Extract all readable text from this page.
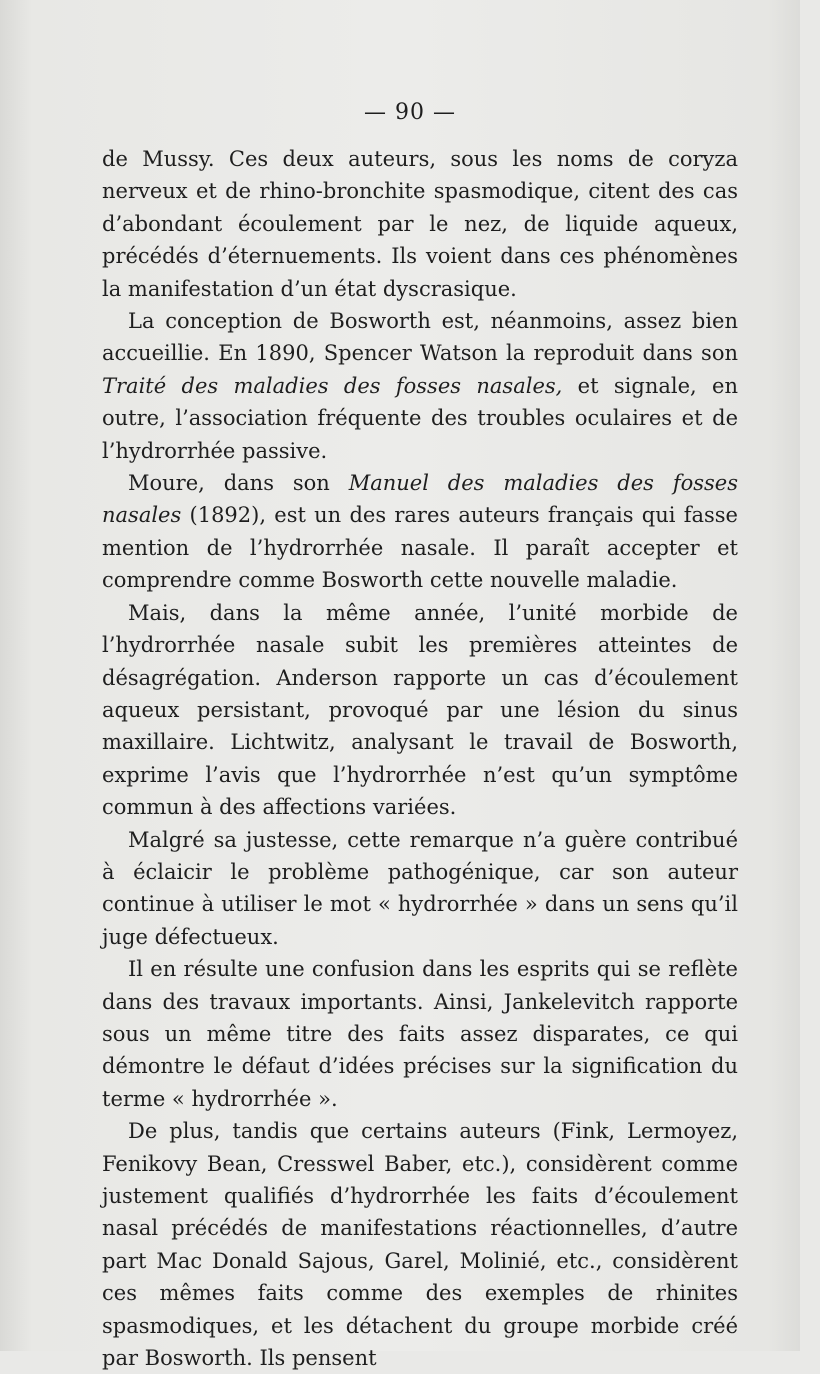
— 90 —

de Mussy. Ces deux auteurs, sous les noms de coryza nerveux et de rhino-bronchite spasmodique, citent des cas d’abondant écoulement par le nez, de liquide aqueux, précédés d’éternuements. Ils voient dans ces phénomènes la manifestation d’un état dyscrasique.

La conception de Bosworth est, néanmoins, assez bien accueillie. En 1890, Spencer Watson la reproduit dans son Traité des maladies des fosses nasales, et signale, en outre, l’association fréquente des troubles oculaires et de l’hydrorrhée passive.

Moure, dans son Manuel des maladies des fosses nasales (1892), est un des rares auteurs français qui fasse mention de l’hydrorrhée nasale. Il paraît accepter et comprendre comme Bosworth cette nouvelle maladie.

Mais, dans la même année, l’unité morbide de l’hydrorrhée nasale subit les premières atteintes de désagrégation. Anderson rapporte un cas d’écoulement aqueux persistant, provoqué par une lésion du sinus maxillaire. Lichtwitz, analysant le travail de Bosworth, exprime l’avis que l’hydrorrhée n’est qu’un symptôme commun à des affections variées.

Malgré sa justesse, cette remarque n’a guère contribué à éclaicir le problème pathogénique, car son auteur continue à utiliser le mot « hydrorrhée » dans un sens qu’il juge défectueux.

Il en résulte une confusion dans les esprits qui se reflète dans des travaux importants. Ainsi, Jankelevitch rapporte sous un même titre des faits assez disparates, ce qui démontre le défaut d’idées précises sur la signification du terme « hydrorrhée ».

De plus, tandis que certains auteurs (Fink, Lermoyez, Fenikovy Bean, Cresswel Baber, etc.), considèrent comme justement qualifiés d’hydrorrhée les faits d’écoulement nasal précédés de manifestations réactionnelles, d’autre part Mac Donald Sajous, Garel, Molinié, etc., considèrent ces mêmes faits comme des exemples de rhinites spasmodiques, et les détachent du groupe morbide créé par Bosworth. Ils pensent
